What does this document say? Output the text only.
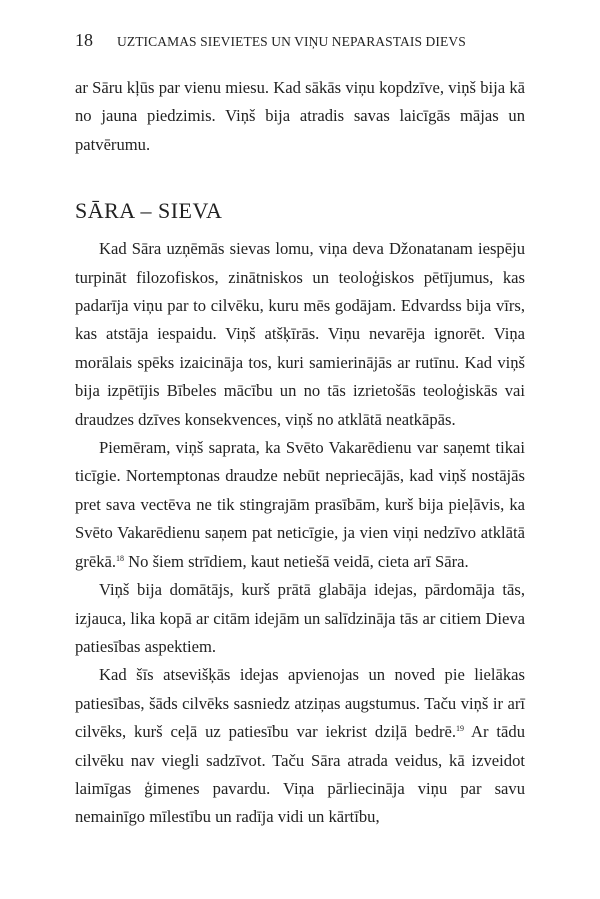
18	UZTICAMAS SIEVIETES UN VIŅU NEPARASTAIS DIEVS

ar Sāru kļūs par vienu miesu. Kad sākās viņu kopdzīve, viņš bija kā no jauna piedzimis. Viņš bija atradis savas laicīgās mājas un patvērumu.

SĀRA – SIEVA

Kad Sāra uzņēmās sievas lomu, viņa deva Džonatanam iespēju turpināt filozofiskos, zinātniskos un teoloģiskos pētījumus, kas padarīja viņu par to cilvēku, kuru mēs godājam. Edvardss bija vīrs, kas atstāja iespaidu. Viņš atšķīrās. Viņu nevarēja ignorēt. Viņa morālais spēks izaicināja tos, kuri samierinājās ar rutīnu. Kad viņš bija izpētījis Bībeles mācību un no tās izrietošās teoloģiskās vai draudzes dzīves konsekvences, viņš no atklātā neatkāpās.

Piemēram, viņš saprata, ka Svēto Vakarēdienu var saņemt tikai ticīgie. Nortemptonas draudze nebūt nepriecājās, kad viņš nostājās pret sava vectēva ne tik stingrajām prasībām, kurš bija pieļāvis, ka Svēto Vakarēdienu saņem pat neticīgie, ja vien viņi nedzīvo atklātā grēkā.$^{18}$ No šiem strīdiem, kaut netiešā veidā, cieta arī Sāra.

Viņš bija domātājs, kurš prātā glabāja idejas, pārdomāja tās, izjauca, lika kopā ar citām idejām un salīdzināja tās ar citiem Dieva patiesības aspektiem.

Kad šīs atsevišķās idejas apvienojas un noved pie lielākas patiesības, šāds cilvēks sasniedz atziņas augstumus. Taču viņš ir arī cilvēks, kurš ceļā uz patiesību var iekrist dziļā bedrē.$^{19}$ Ar tādu cilvēku nav viegli sadzīvot. Taču Sāra atrada veidus, kā izveidot laimīgas ģimenes pavardu. Viņa pārliecināja viņu par savu nemainīgo mīlestību un radīja vidi un kārtību,
